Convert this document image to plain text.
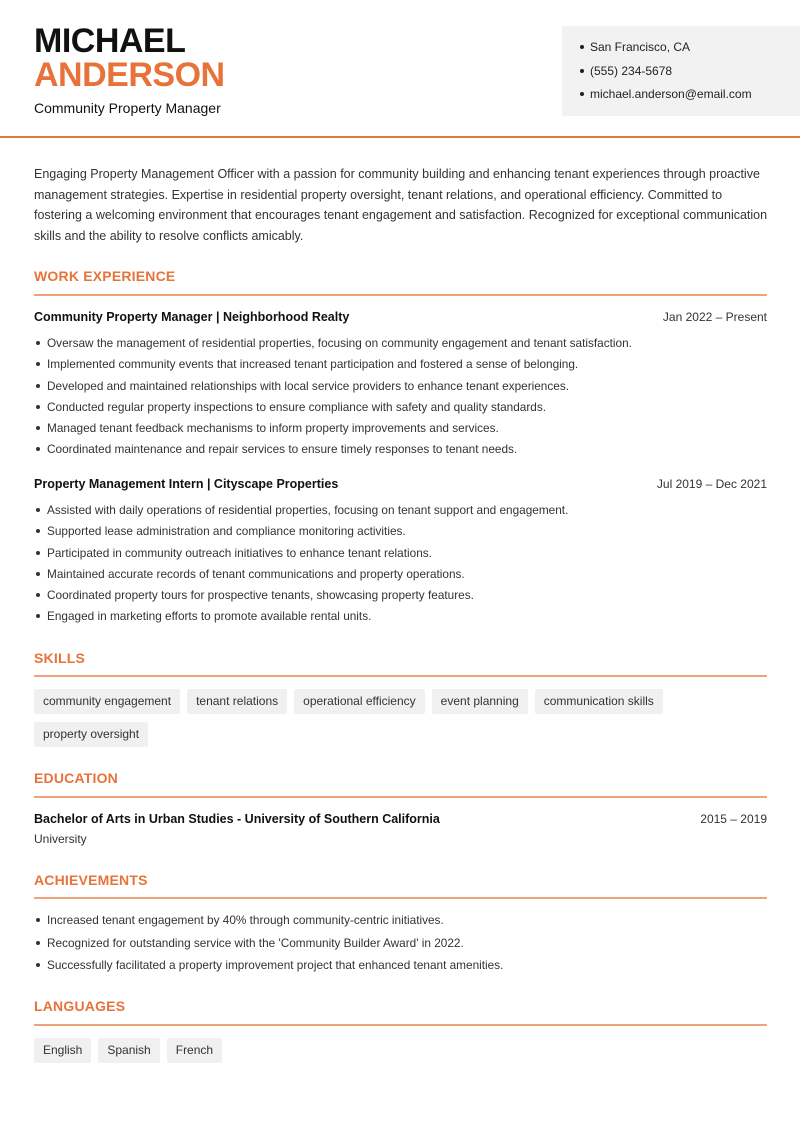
MICHAEL
ANDERSON
Community Property Manager
San Francisco, CA
(555) 234-5678
michael.anderson@email.com
Engaging Property Management Officer with a passion for community building and enhancing tenant experiences through proactive management strategies. Expertise in residential property oversight, tenant relations, and operational efficiency. Committed to fostering a welcoming environment that encourages tenant engagement and satisfaction. Recognized for exceptional communication skills and the ability to resolve conflicts amicably.
WORK EXPERIENCE
Community Property Manager | Neighborhood Realty	Jan 2022 – Present
Oversaw the management of residential properties, focusing on community engagement and tenant satisfaction.
Implemented community events that increased tenant participation and fostered a sense of belonging.
Developed and maintained relationships with local service providers to enhance tenant experiences.
Conducted regular property inspections to ensure compliance with safety and quality standards.
Managed tenant feedback mechanisms to inform property improvements and services.
Coordinated maintenance and repair services to ensure timely responses to tenant needs.
Property Management Intern | Cityscape Properties	Jul 2019 – Dec 2021
Assisted with daily operations of residential properties, focusing on tenant support and engagement.
Supported lease administration and compliance monitoring activities.
Participated in community outreach initiatives to enhance tenant relations.
Maintained accurate records of tenant communications and property operations.
Coordinated property tours for prospective tenants, showcasing property features.
Engaged in marketing efforts to promote available rental units.
SKILLS
community engagement	tenant relations	operational efficiency	event planning	communication skills
property oversight
EDUCATION
Bachelor of Arts in Urban Studies - University of Southern California	2015 – 2019
University
ACHIEVEMENTS
Increased tenant engagement by 40% through community-centric initiatives.
Recognized for outstanding service with the 'Community Builder Award' in 2022.
Successfully facilitated a property improvement project that enhanced tenant amenities.
LANGUAGES
English	Spanish	French
